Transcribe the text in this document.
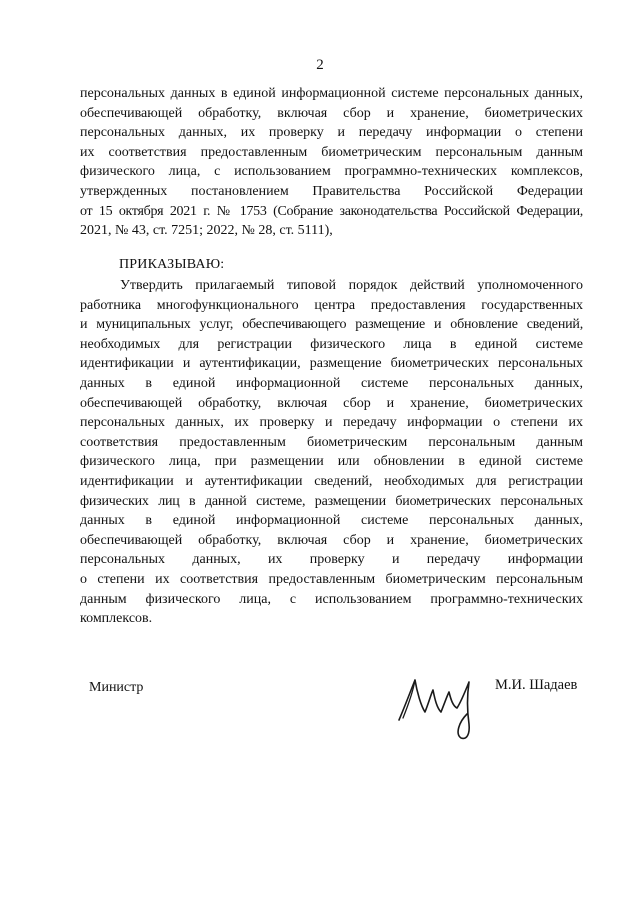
2
персональных данных в единой информационной системе персональных данных,
обеспечивающей обработку, включая сбор и хранение, биометрических
персональных данных, их проверку и передачу информации о степени
их соответствия предоставленным биометрическим персональным данным
физического лица, с использованием программно-технических комплексов,
утвержденных постановлением Правительства Российской Федерации
от 15 октября 2021 г. № 1753 (Собрание законодательства Российской Федерации,
2021, № 43, ст. 7251; 2022, № 28, ст. 5111),
ПРИКАЗЫВАЮ:
Утвердить прилагаемый типовой порядок действий уполномоченного
работника многофункционального центра предоставления государственных
и муниципальных услуг, обеспечивающего размещение и обновление сведений,
необходимых для регистрации физического лица в единой системе
идентификации и аутентификации, размещение биометрических персональных
данных в единой информационной системе персональных данных,
обеспечивающей обработку, включая сбор и хранение, биометрических
персональных данных, их проверку и передачу информации о степени их
соответствия предоставленным биометрическим персональным данным
физического лица, при размещении или обновлении в единой системе
идентификации и аутентификации сведений, необходимых для регистрации
физических лиц в данной системе, размещении биометрических персональных
данных в единой информационной системе персональных данных,
обеспечивающей обработку, включая сбор и хранение, биометрических
персональных данных, их проверку и передачу информации
о степени их соответствия предоставленным биометрическим персональным
данным физического лица, с использованием программно-технических
комплексов.
Министр	М.И. Шадаев
